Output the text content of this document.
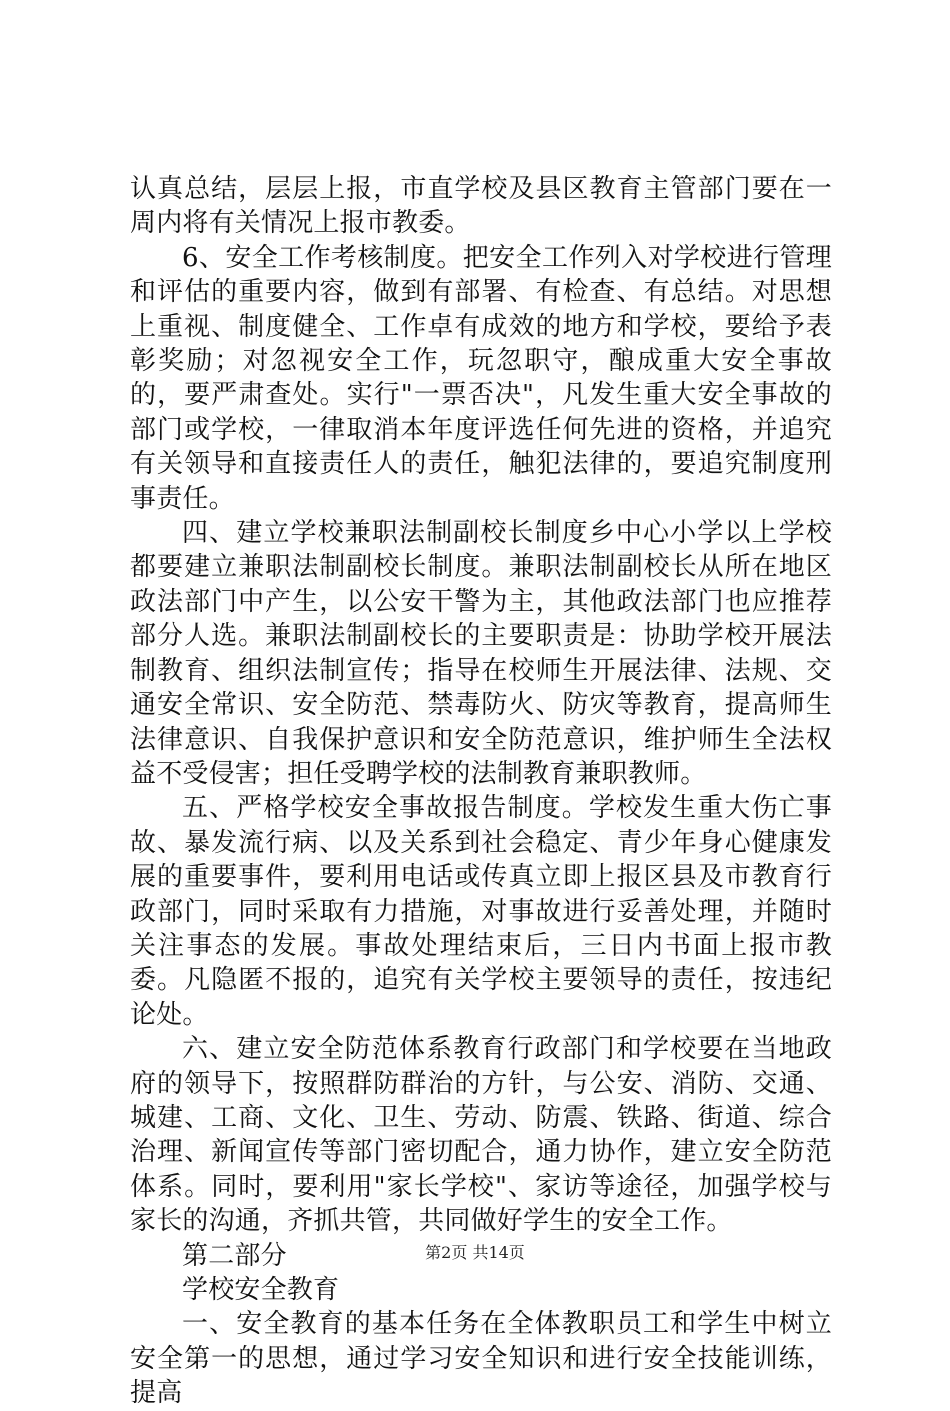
认真总结，层层上报，市直学校及县区教育主管部门要在一周内将有关情况上报市教委。

6、安全工作考核制度。把安全工作列入对学校进行管理和评估的重要内容，做到有部署、有检查、有总结。对思想上重视、制度健全、工作卓有成效的地方和学校，要给予表彰奖励；对忽视安全工作，玩忽职守，酿成重大安全事故的，要严肃查处。实行"一票否决"，凡发生重大安全事故的部门或学校，一律取消本年度评选任何先进的资格，并追究有关领导和直接责任人的责任，触犯法律的，要追究制度刑事责任。

四、建立学校兼职法制副校长制度乡中心小学以上学校都要建立兼职法制副校长制度。兼职法制副校长从所在地区政法部门中产生，以公安干警为主，其他政法部门也应推荐部分人选。兼职法制副校长的主要职责是：协助学校开展法制教育、组织法制宣传；指导在校师生开展法律、法规、交通安全常识、安全防范、禁毒防火、防灾等教育，提高师生法律意识、自我保护意识和安全防范意识，维护师生全法权益不受侵害；担任受聘学校的法制教育兼职教师。

五、严格学校安全事故报告制度。学校发生重大伤亡事故、暴发流行病、以及关系到社会稳定、青少年身心健康发展的重要事件，要利用电话或传真立即上报区县及市教育行政部门，同时采取有力措施，对事故进行妥善处理，并随时关注事态的发展。事故处理结束后，三日内书面上报市教委。凡隐匿不报的，追究有关学校主要领导的责任，按违纪论处。

六、建立安全防范体系教育行政部门和学校要在当地政府的领导下，按照群防群治的方针，与公安、消防、交通、城建、工商、文化、卫生、劳动、防震、铁路、街道、综合治理、新闻宣传等部门密切配合，通力协作，建立安全防范体系。同时，要利用"家长学校"、家访等途径，加强学校与家长的沟通，齐抓共管，共同做好学生的安全工作。

第二部分

学校安全教育

一、安全教育的基本任务在全体教职员工和学生中树立安全第一的思想，通过学习安全知识和进行安全技能训练，提高

第2页 共14页
